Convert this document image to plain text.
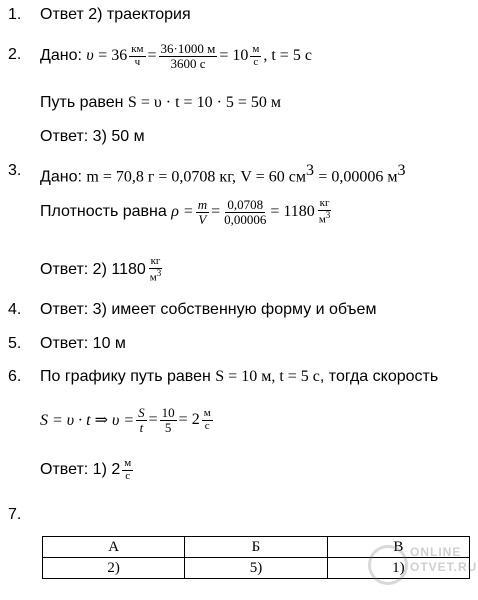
1. Ответ 2) траектория
2. Дано:
υ
= $36 \frac{км}{ч} = \frac{36\cdot 1000 м}{3600 с} = 10 \frac{м}{с}$ , t = 5 с
Путь равен S = υ · t = 10 · 5 = 50 м
Ответ: 3) 50 м
3. Дано: m = 70,8 г = 0,0708 кг, V = 60 $см^3 = 0,00006$ $м^3$
Плотность равна
$\rho = \frac{m}{V} = \frac{0,0708}{0,00006} = 1180 \frac{кг}{м^3}$
Ответ: 2) $1180 \frac{кг}{м^3}$
4. Ответ: 3) имеет собственную форму и объем
5. Ответ: 10 м
6. По графику путь равен S = 10 м, t = 5 с, тогда скорость
S = υ · t ⇒ $\upsilon = \frac{S}{t} = \frac{10}{5} = 2 \frac{м}{с}$
Ответ: 1) $2 \frac{м}{с}$
7.
А	Б	В
2)	5)	1)
ONLINE
OTVET.RU
